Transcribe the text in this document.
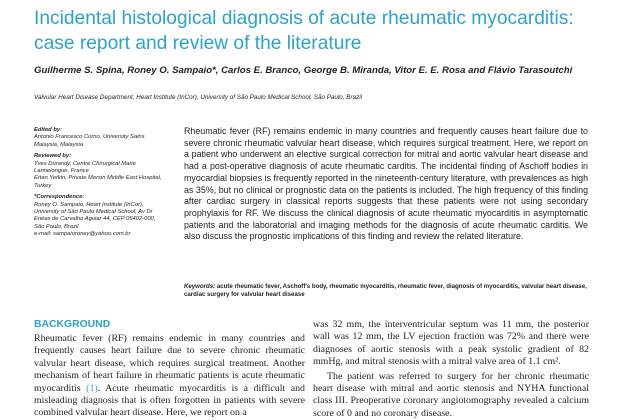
Incidental histological diagnosis of acute rheumatic myocarditis: case report and review of the literature
Guilherme S. Spina, Roney O. Sampaio*, Carlos E. Branco, George B. Miranda, Vitor E. E. Rosa and Flávio Tarasoutchi
Valvular Heart Disease Department, Heart Institute (InCor), University of São Paulo Medical School, São Paulo, Brazil
Edited by:
Antonio Francesco Corno, University Sains Malaysia, Malaysia
Reviewed by:
Yves Durandy, Centre Chirurgical Marie Lannelongue, France
Ertan Yetkin, Private Mersin Middle East Hospital, Turkey
*Correspondence:
Roney O. Sampaio, Heart Institute (InCor), University of São Paulo Medical School, Av Dr Enéas de Carvalho Aguiar 44, CEP 05402-000, São Paulo, Brazil
e-mail: sampaioroney@yahoo.com.br

Rheumatic fever (RF) remains endemic in many countries and frequently causes heart failure due to severe chronic rheumatic valvular heart disease, which requires surgical treatment. Here, we report on a patient who underwent an elective surgical correction for mitral and aortic valvular heart disease and had a post-operative diagnosis of acute rheumatic carditis. The incidental finding of Aschoff bodies in myocardial biopsies is frequently reported in the nineteenth-century literature, with prevalences as high as 35%, but no clinical or prognostic data on the patients is included. The high frequency of this finding after cardiac surgery in classical reports suggests that these patients were not using secondary prophylaxis for RF. We discuss the clinical diagnosis of acute rheumatic myocarditis in asymptomatic patients and the laboratorial and imaging methods for the diagnosis of acute rheumatic carditis. We also discuss the prognostic implications of this finding and review the related literature.

Keywords: acute rheumatic fever, Aschoff's body, rheumatic myocarditis, rheumatic fever, diagnosis of myocarditis, valvular heart disease, cardiac surgery for valvular heart disease
BACKGROUND
Rheumatic fever (RF) remains endemic in many countries and frequently causes heart failure due to severe chronic rheumatic valvular heart disease, which requires surgical treatment. Another mechanism of heart failure in rheumatic patients is acute rheumatic myocarditis (1). Acute rheumatic myocarditis is a difficult and misleading diagnosis that is often forgotten in patients with severe combined valvular heart disease. Here, we report on a

was 32 mm, the interventricular septum was 11 mm, the posterior wall was 12 mm, the LV ejection fraction was 72% and there were diagnoses of aortic stenosis with a peak systolic gradient of 82 mmHg, and mitral stenosis with a mitral valve area of 1.1 cm².

The patient was referred to surgery for her chronic rheumatic heart disease with mitral and aortic stenosis and NYHA functional class III. Preoperative coronary angiotomography revealed a calcium score of 0 and no coronary disease.
